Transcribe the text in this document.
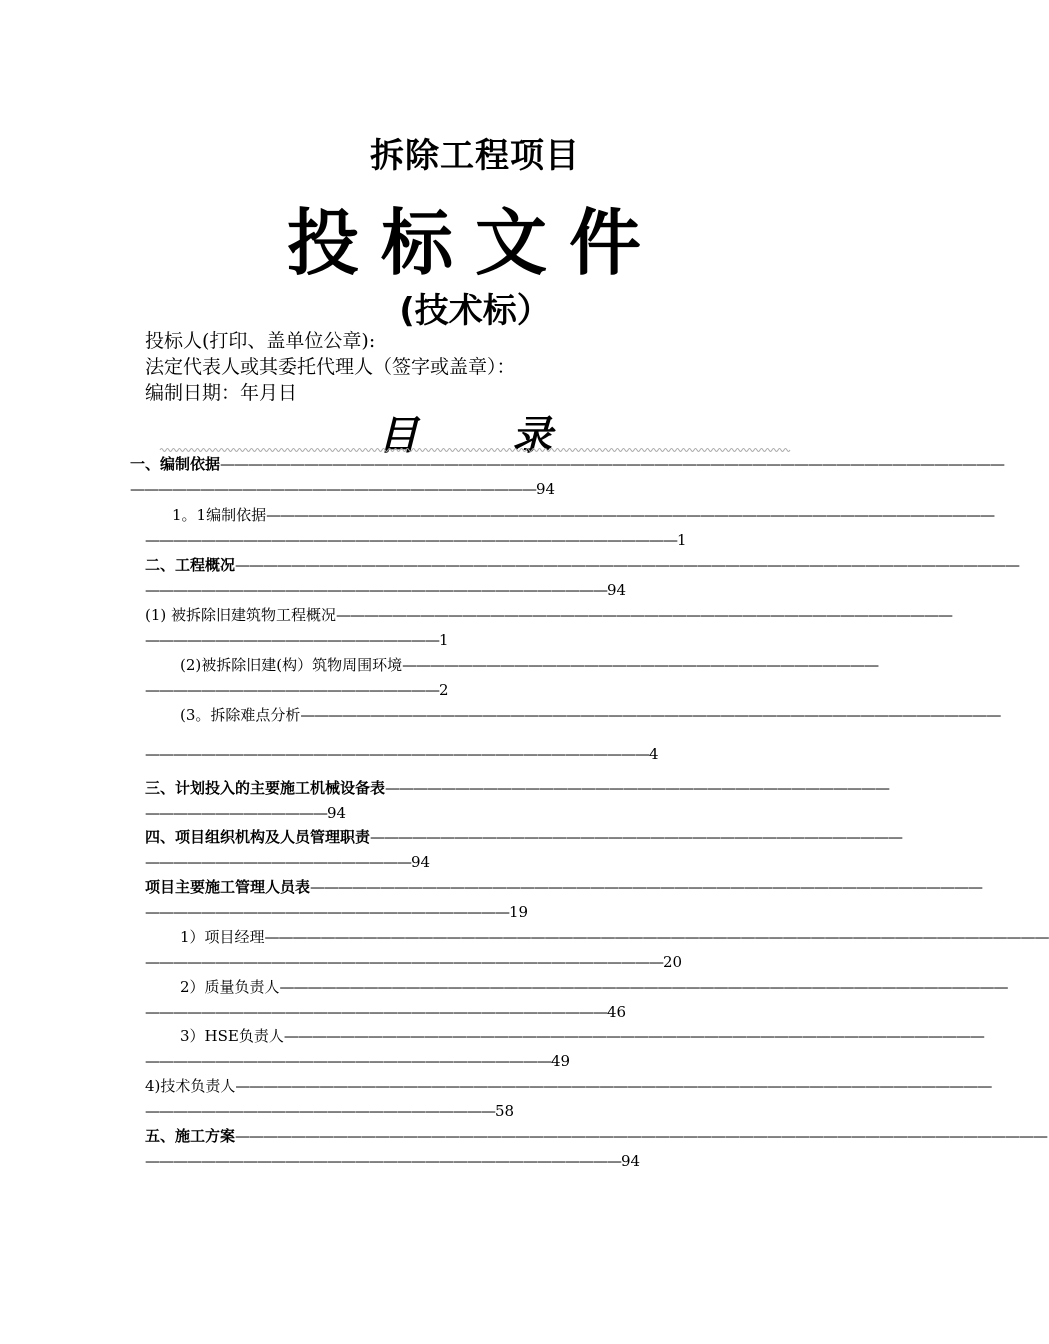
拆除工程项目
投标文件
(技术标）
投标人(打印、盖单位公章):
法定代表人或其委托代理人（签字或盖章）：
编制日期：年月日
目 录
一、编制依据————————————————————————————————————————————————————————
—————————————————————————————94
1。1编制依据————————————————————————————————————————————————————
——————————————————————————————————————1
二、工程概况————————————————————————————————————————————————————————
—————————————————————————————————94
(1) 被拆除旧建筑物工程概况————————————————————————————————————————————
—————————————————————1
(2)被拆除旧建(构）筑物周围环境——————————————————————————————————
—————————————————————2
(3。拆除难点分析——————————————————————————————————————————————————
————————————————————————————————————4
三、计划投入的主要施工机械设备表————————————————————————————————————
—————————————94
四、项目组织机构及人员管理职责——————————————————————————————————————
———————————————————94
项目主要施工管理人员表————————————————————————————————————————————————
——————————————————————————19
1）项目经理————————————————————————————————————————————————————————
—————————————————————————————————————20
2）质量负责人————————————————————————————————————————————————————
—————————————————————————————————46
3）HSE负责人——————————————————————————————————————————————————
—————————————————————————————49
4)技术负责人——————————————————————————————————————————————————————
—————————————————————————58
五、施工方案——————————————————————————————————————————————————————————
——————————————————————————————————94
